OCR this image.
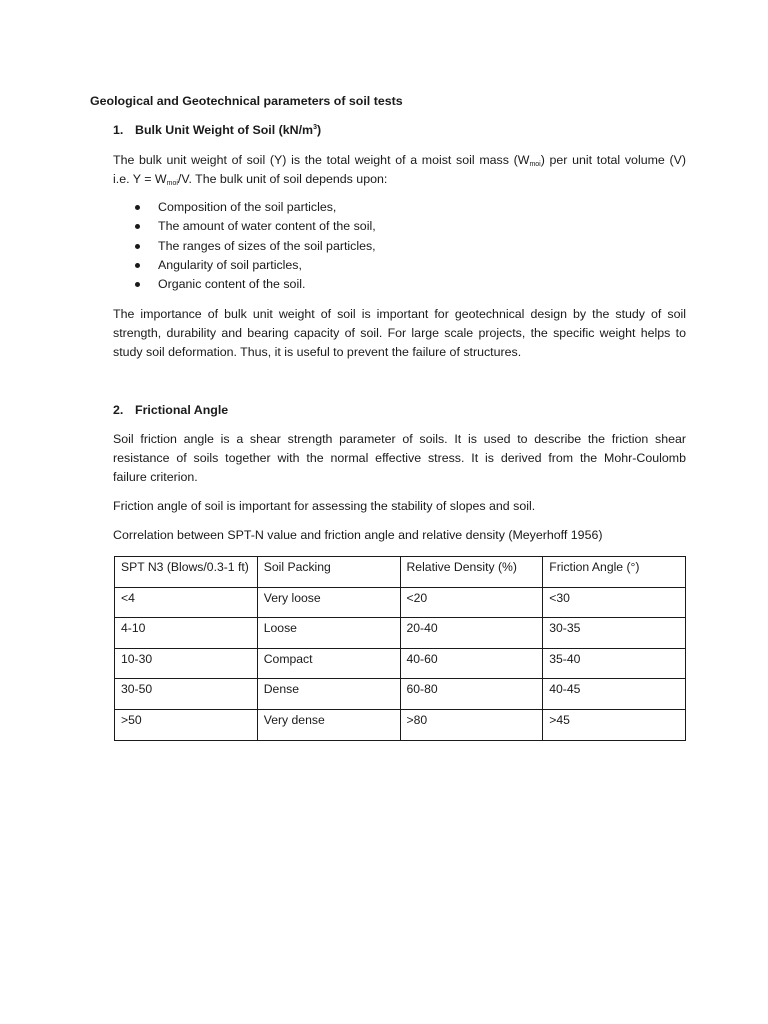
Geological and Geotechnical parameters of soil tests
1. Bulk Unit Weight of Soil $(kN/m^3)$
The bulk unit weight of soil (Y) is the total weight of a moist soil mass $(W_{moi})$ per unit total volume (V)
i.e. $Y = W_{moi}/V$. The bulk unit of soil depends upon:
Composition of the soil particles,
The amount of water content of the soil,
The ranges of sizes of the soil particles,
Angularity of soil particles,
Organic content of the soil.
The importance of bulk unit weight of soil is important for geotechnical design by the study of soil
strength, durability and bearing capacity of soil. For large scale projects, the specific weight helps to
study soil deformation. Thus, it is useful to prevent the failure of structures.
2. Frictional Angle
Soil friction angle is a shear strength parameter of soils. It is used to describe the friction shear
resistance of soils together with the normal effective stress. It is derived from the Mohr-Coulomb
failure criterion.
Friction angle of soil is important for assessing the stability of slopes and soil.
Correlation between SPT-N value and friction angle and relative density (Meyerhoff 1956)
SPT N3 (Blows/0.3-1 ft)	Soil Packing	Relative Density (%)	Friction Angle (°)
<4	Very loose	<20	<30
4-10	Loose	20-40	30-35
10-30	Compact	40-60	35-40
30-50	Dense	60-80	40-45
>50	Very dense	>80	>45
